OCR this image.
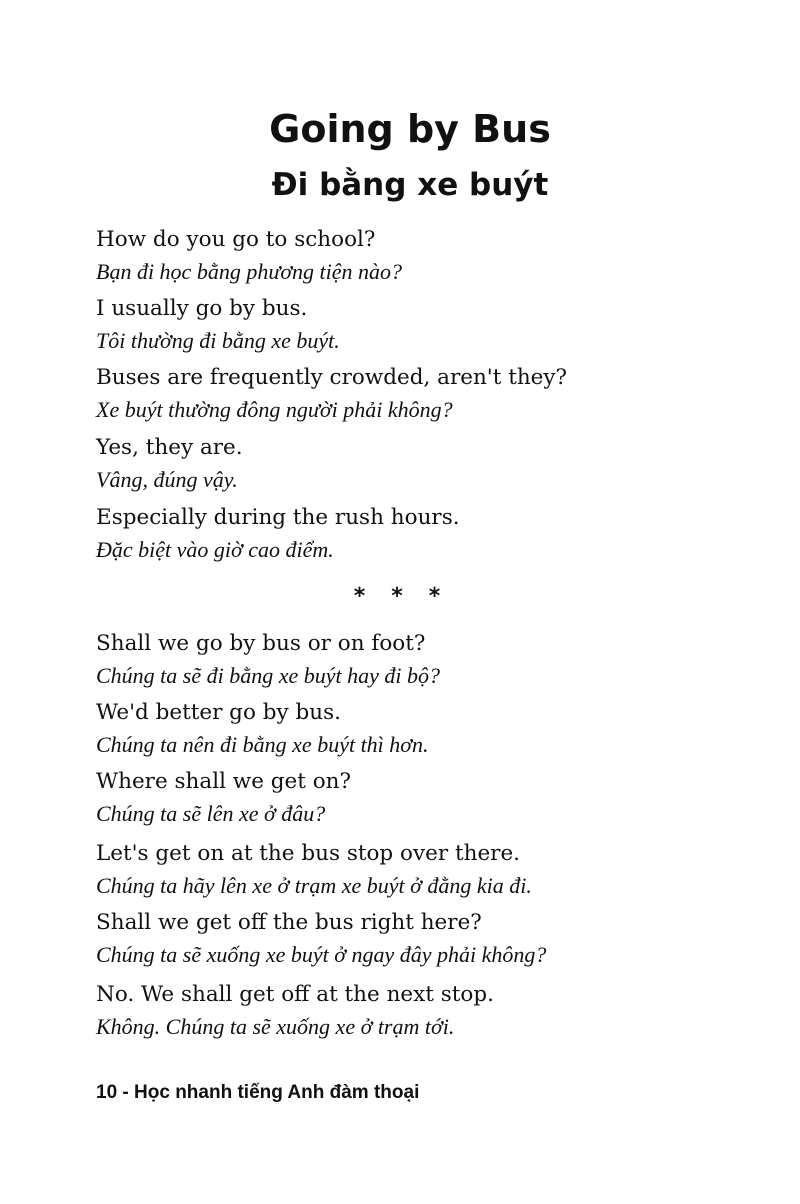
Going by Bus
Đi bằng xe buýt
How do you go to school?
Bạn đi học bằng phương tiện nào?
I usually go by bus.
Tôi thường đi bằng xe buýt.
Buses are frequently crowded, aren't they?
Xe buýt thường đông người phải không?
Yes, they are.
Vâng, đúng vậy.
Especially during the rush hours.
Đặc biệt vào giờ cao điểm.
***
Shall we go by bus or on foot?
Chúng ta sẽ đi bằng xe buýt hay đi bộ?
We'd better go by bus.
Chúng ta nên đi bằng xe buýt thì hơn.
Where shall we get on?
Chúng ta sẽ lên xe ở đâu?
Let's get on at the bus stop over there.
Chúng ta hãy lên xe ở trạm xe buýt ở đằng kia đi.
Shall we get off the bus right here?
Chúng ta sẽ xuống xe buýt ở ngay đây phải không?
No. We shall get off at the next stop.
Không. Chúng ta sẽ xuống xe ở trạm tới.
10 - Học nhanh tiếng Anh đàm thoại
